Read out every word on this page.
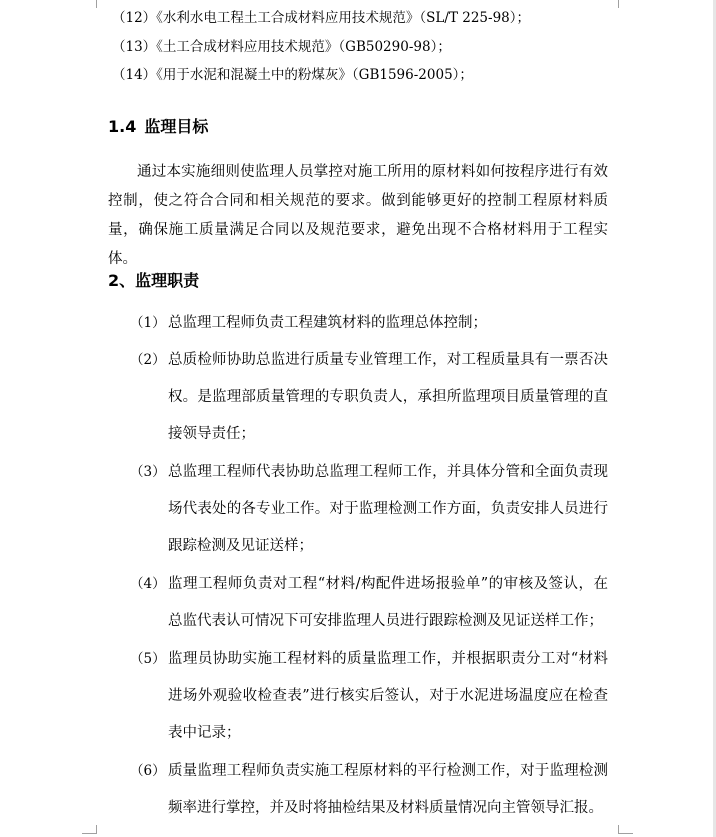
（12）《水利水电工程土工合成材料应用技术规范》（SL/T 225-98）；
（13）《土工合成材料应用技术规范》（GB50290-98）；
（14）《用于水泥和混凝土中的粉煤灰》（GB1596-2005）；
1.4 监理目标
通过本实施细则使监理人员掌控对施工所用的原材料如何按程序进行有效控制，使之符合合同和相关规范的要求。做到能够更好的控制工程原材料质量，确保施工质量满足合同以及规范要求，避免出现不合格材料用于工程实体。
2、监理职责
（1） 总监理工程师负责工程建筑材料的监理总体控制；
（2） 总质检师协助总监进行质量专业管理工作，对工程质量具有一票否决权。是监理部质量管理的专职负责人，承担所监理项目质量管理的直接领导责任；
（3） 总监理工程师代表协助总监理工程师工作，并具体分管和全面负责现场代表处的各专业工作。对于监理检测工作方面，负责安排人员进行跟踪检测及见证送样；
（4） 监理工程师负责对工程“材料/构配件进场报验单”的审核及签认，在总监代表认可情况下可安排监理人员进行跟踪检测及见证送样工作；
（5） 监理员协助实施工程材料的质量监理工作，并根据职责分工对“材料进场外观验收检查表”进行核实后签认，对于水泥进场温度应在检查表中记录；
（6） 质量监理工程师负责实施工程原材料的平行检测工作，对于监理检测频率进行掌控，并及时将抽检结果及材料质量情况向主管领导汇报。
